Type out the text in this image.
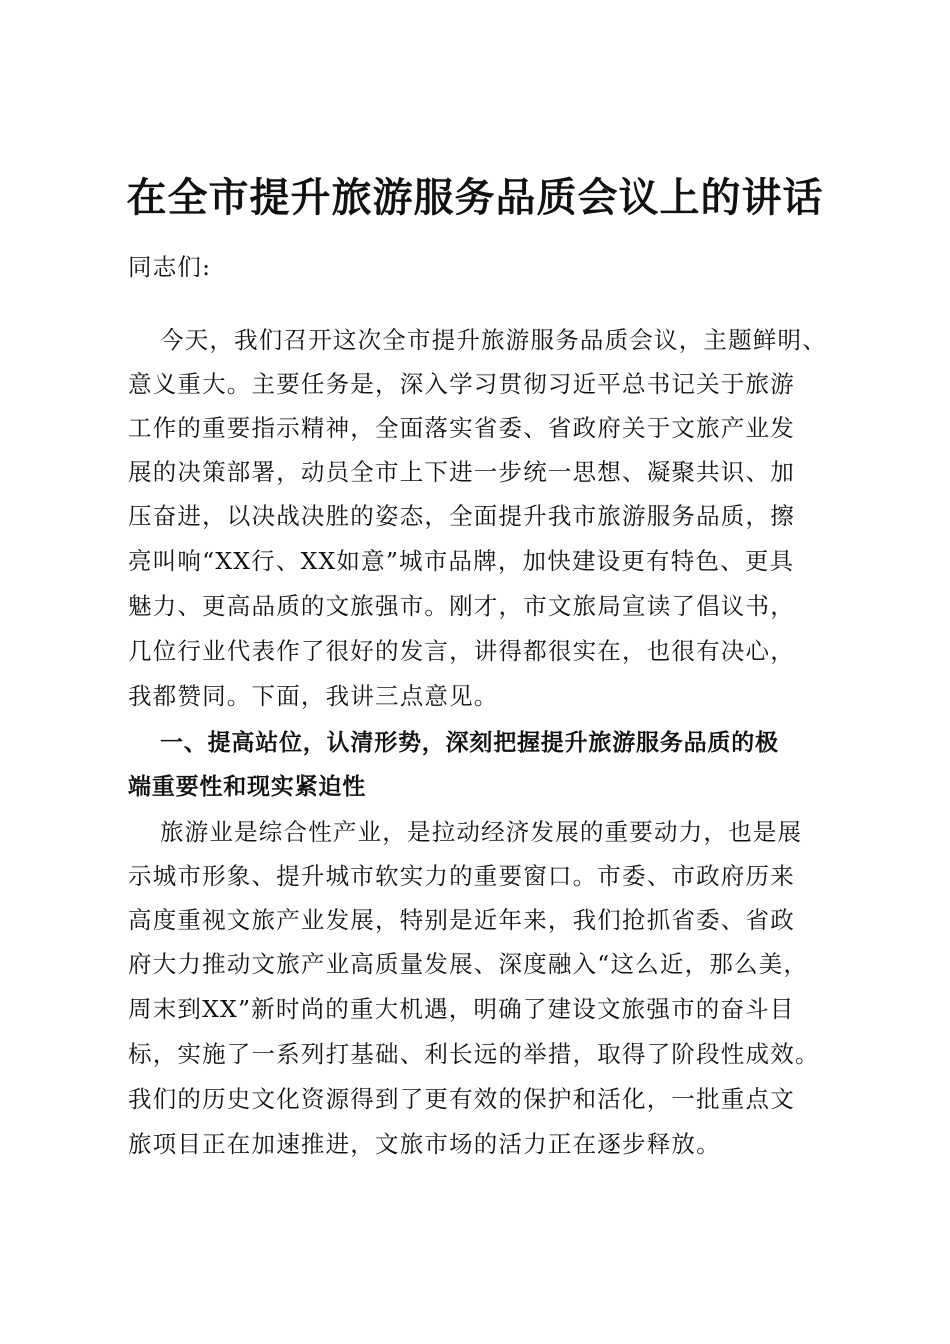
在全市提升旅游服务品质会议上的讲话

同志们:

今天，我们召开这次全市提升旅游服务品质会议，主题鲜明、

意义重大。主要任务是，深入学习贯彻习近平总书记关于旅游

工作的重要指示精神，全面落实省委、省政府关于文旅产业发

展的决策部署，动员全市上下进一步统一思想、凝聚共识、加

压奋进，以决战决胜的姿态，全面提升我市旅游服务品质，擦

亮叫响“XX行、XX如意”城市品牌，加快建设更有特色、更具

魅力、更高品质的文旅强市。刚才，市文旅局宣读了倡议书，

几位行业代表作了很好的发言，讲得都很实在，也很有决心，

我都赞同。下面，我讲三点意见。

一、提高站位，认清形势，深刻把握提升旅游服务品质的极

端重要性和现实紧迫性

旅游业是综合性产业，是拉动经济发展的重要动力，也是展

示城市形象、提升城市软实力的重要窗口。市委、市政府历来

高度重视文旅产业发展，特别是近年来，我们抢抓省委、省政

府大力推动文旅产业高质量发展、深度融入“这么近，那么美，

周末到XX”新时尚的重大机遇，明确了建设文旅强市的奋斗目

标，实施了一系列打基础、利长远的举措，取得了阶段性成效。

我们的历史文化资源得到了更有效的保护和活化，一批重点文

旅项目正在加速推进，文旅市场的活力正在逐步释放。
